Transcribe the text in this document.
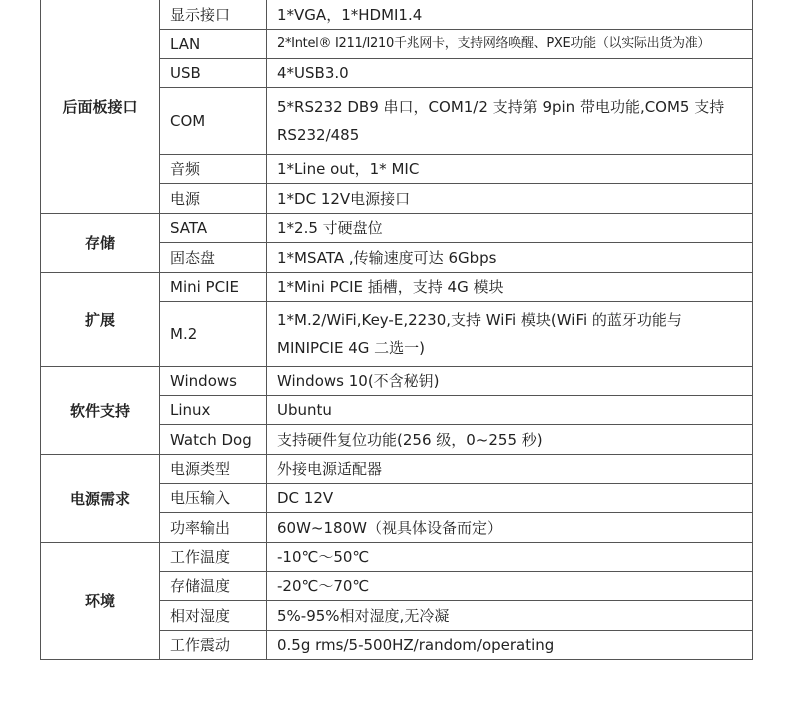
后面板接口	显示接口	1*VGA，1*HDMI1.4
	LAN	2*Intel® I211/I210千兆网卡，支持网络唤醒、PXE功能（以实际出货为准）
	USB	4*USB3.0
	COM	5*RS232 DB9 串口，COM1/2 支持第 9pin 带电功能,COM5 支持 RS232/485
	音频	1*Line out，1* MIC
	电源	1*DC 12V电源接口
存储	SATA	1*2.5 寸硬盘位
	固态盘	1*MSATA ,传输速度可达 6Gbps
扩展	Mini PCIE	1*Mini PCIE 插槽，支持 4G 模块
	M.2	1*M.2/WiFi,Key-E,2230,支持 WiFi 模块(WiFi 的蓝牙功能与 MINIPCIE 4G 二选一)
软件支持	Windows	Windows 10(不含秘钥)
	Linux	Ubuntu
	Watch Dog	支持硬件复位功能(256 级，0~255 秒)
电源需求	电源类型	外接电源适配器
	电压输入	DC 12V
	功率输出	60W~180W（视具体设备而定）
环境	工作温度	-10℃～50℃
	存储温度	-20℃～70℃
	相对湿度	5%-95%相对湿度,无冷凝
	工作震动	0.5g rms/5-500HZ/random/operating
